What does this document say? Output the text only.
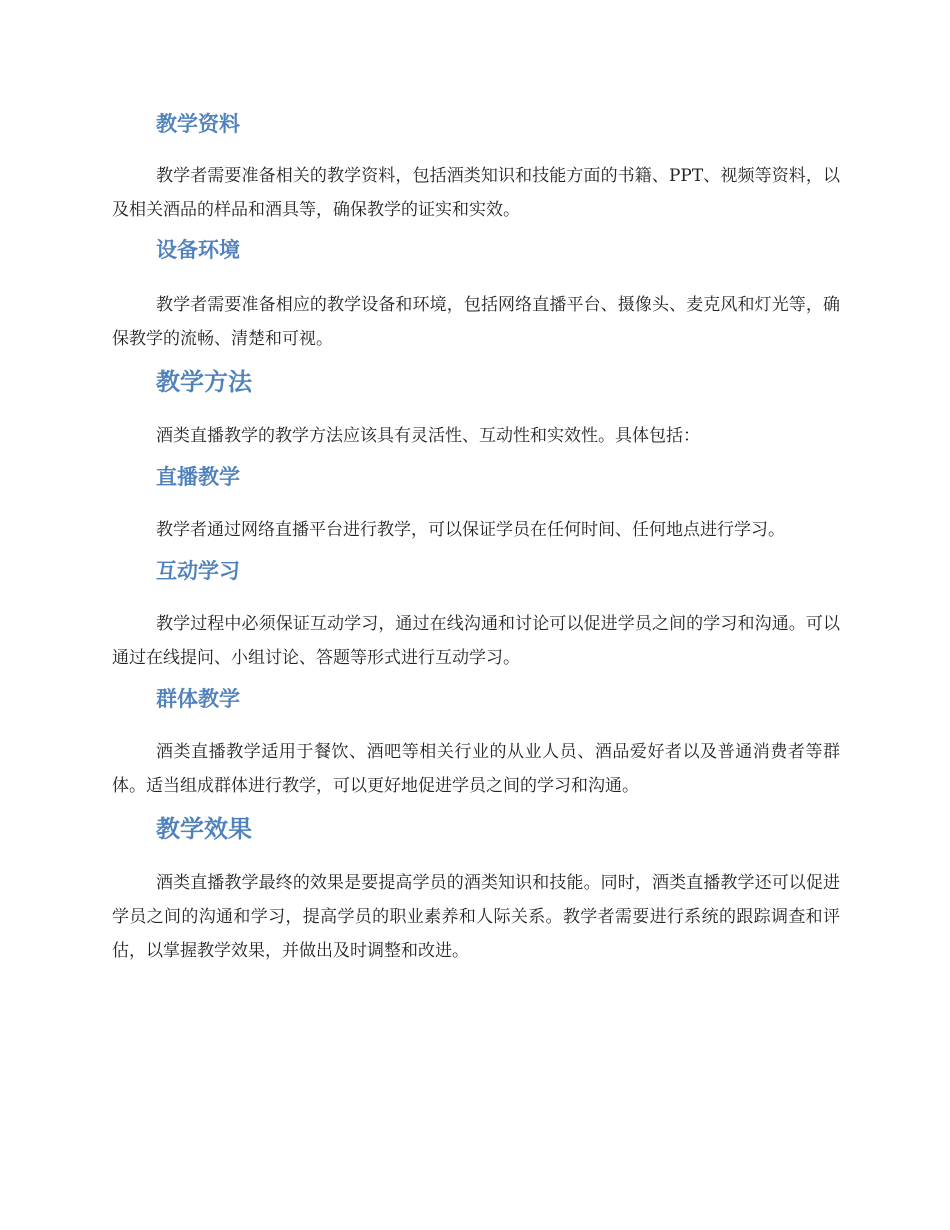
教学资料

教学者需要准备相关的教学资料，包括酒类知识和技能方面的书籍、PPT、视频等资料，以及相关酒品的样品和酒具等，确保教学的证实和实效。

设备环境

教学者需要准备相应的教学设备和环境，包括网络直播平台、摄像头、麦克风和灯光等，确保教学的流畅、清楚和可视。

教学方法

酒类直播教学的教学方法应该具有灵活性、互动性和实效性。具体包括：

直播教学

教学者通过网络直播平台进行教学，可以保证学员在任何时间、任何地点进行学习。

互动学习

教学过程中必须保证互动学习，通过在线沟通和讨论可以促进学员之间的学习和沟通。可以通过在线提问、小组讨论、答题等形式进行互动学习。

群体教学

酒类直播教学适用于餐饮、酒吧等相关行业的从业人员、酒品爱好者以及普通消费者等群体。适当组成群体进行教学，可以更好地促进学员之间的学习和沟通。

教学效果

酒类直播教学最终的效果是要提高学员的酒类知识和技能。同时，酒类直播教学还可以促进学员之间的沟通和学习，提高学员的职业素养和人际关系。教学者需要进行系统的跟踪调查和评估，以掌握教学效果，并做出及时调整和改进。
